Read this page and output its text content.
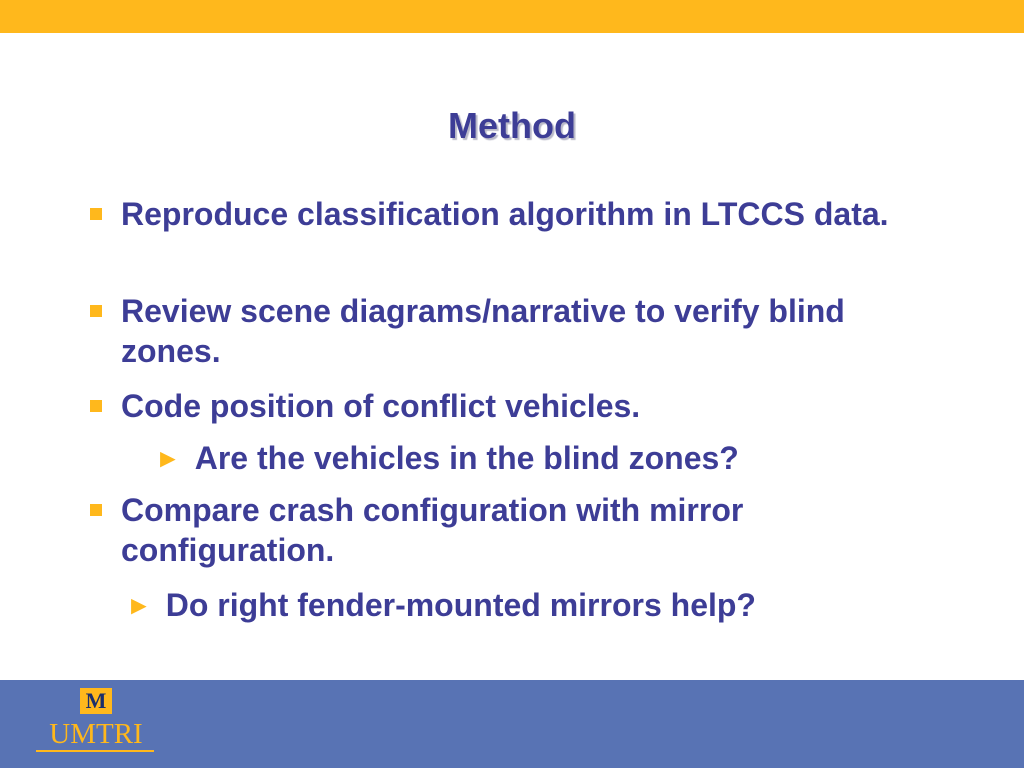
Method
Reproduce classification algorithm in LTCCS data.
Review scene diagrams/narrative to verify blind zones.
Code position of conflict vehicles.
► Are the vehicles in the blind zones?
Compare crash configuration with mirror configuration.
► Do right fender-mounted mirrors help?
M
UMTRI
